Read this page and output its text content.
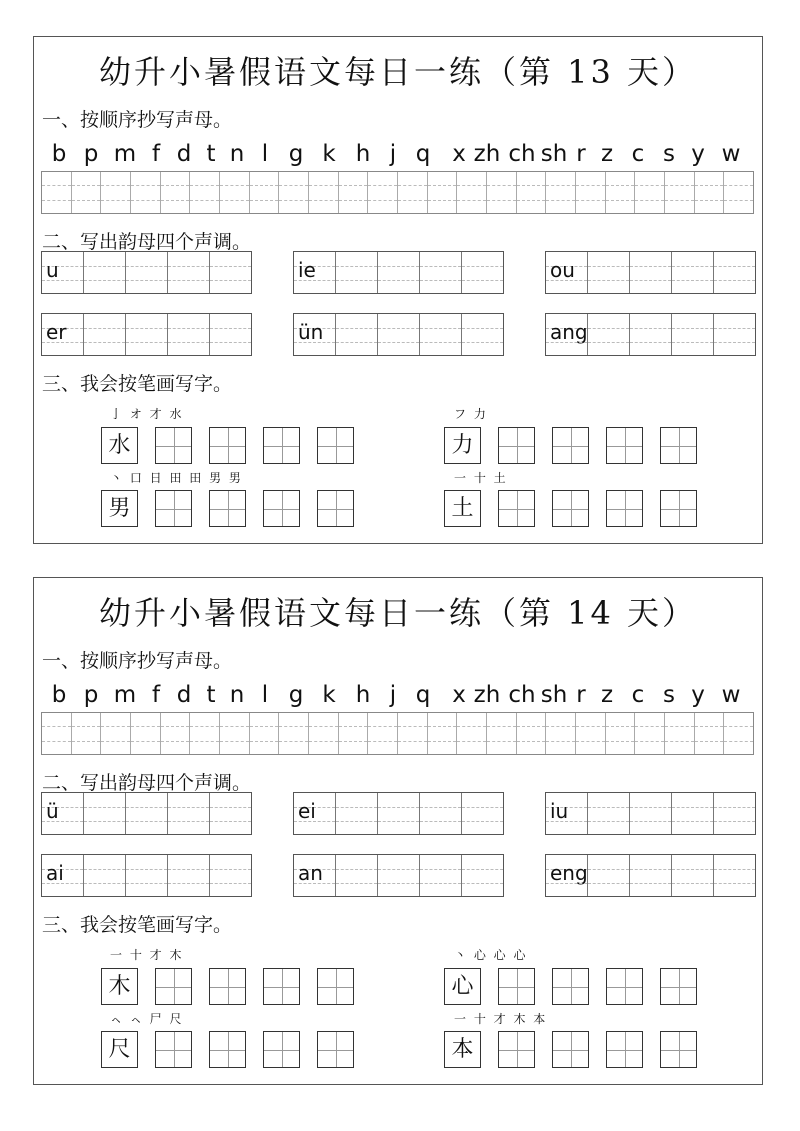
幼升小暑假语文每日一练（第 13 天）
一、按顺序抄写声母。
b p m f d t n l g k h j q x zh ch sh r z c s y w
二、写出韵母四个声调。
u	ie	ou
er	ün	ang
三、我会按笔画写字。
亅 オ 才 水
水
フ 力
力
丶 口 日 田 田 男 男
男
一 十 土
土
幼升小暑假语文每日一练（第 14 天）
一、按顺序抄写声母。
b p m f d t n l g k h j q x zh ch sh r z c s y w
二、写出韵母四个声调。
ü	ei	iu
ai	an	eng
三、我会按笔画写字。
一 十 才 木
木
丶 心 心 心
心
ㇸ ㇸ 尸 尺
尺
一 十 才 木 本
本
